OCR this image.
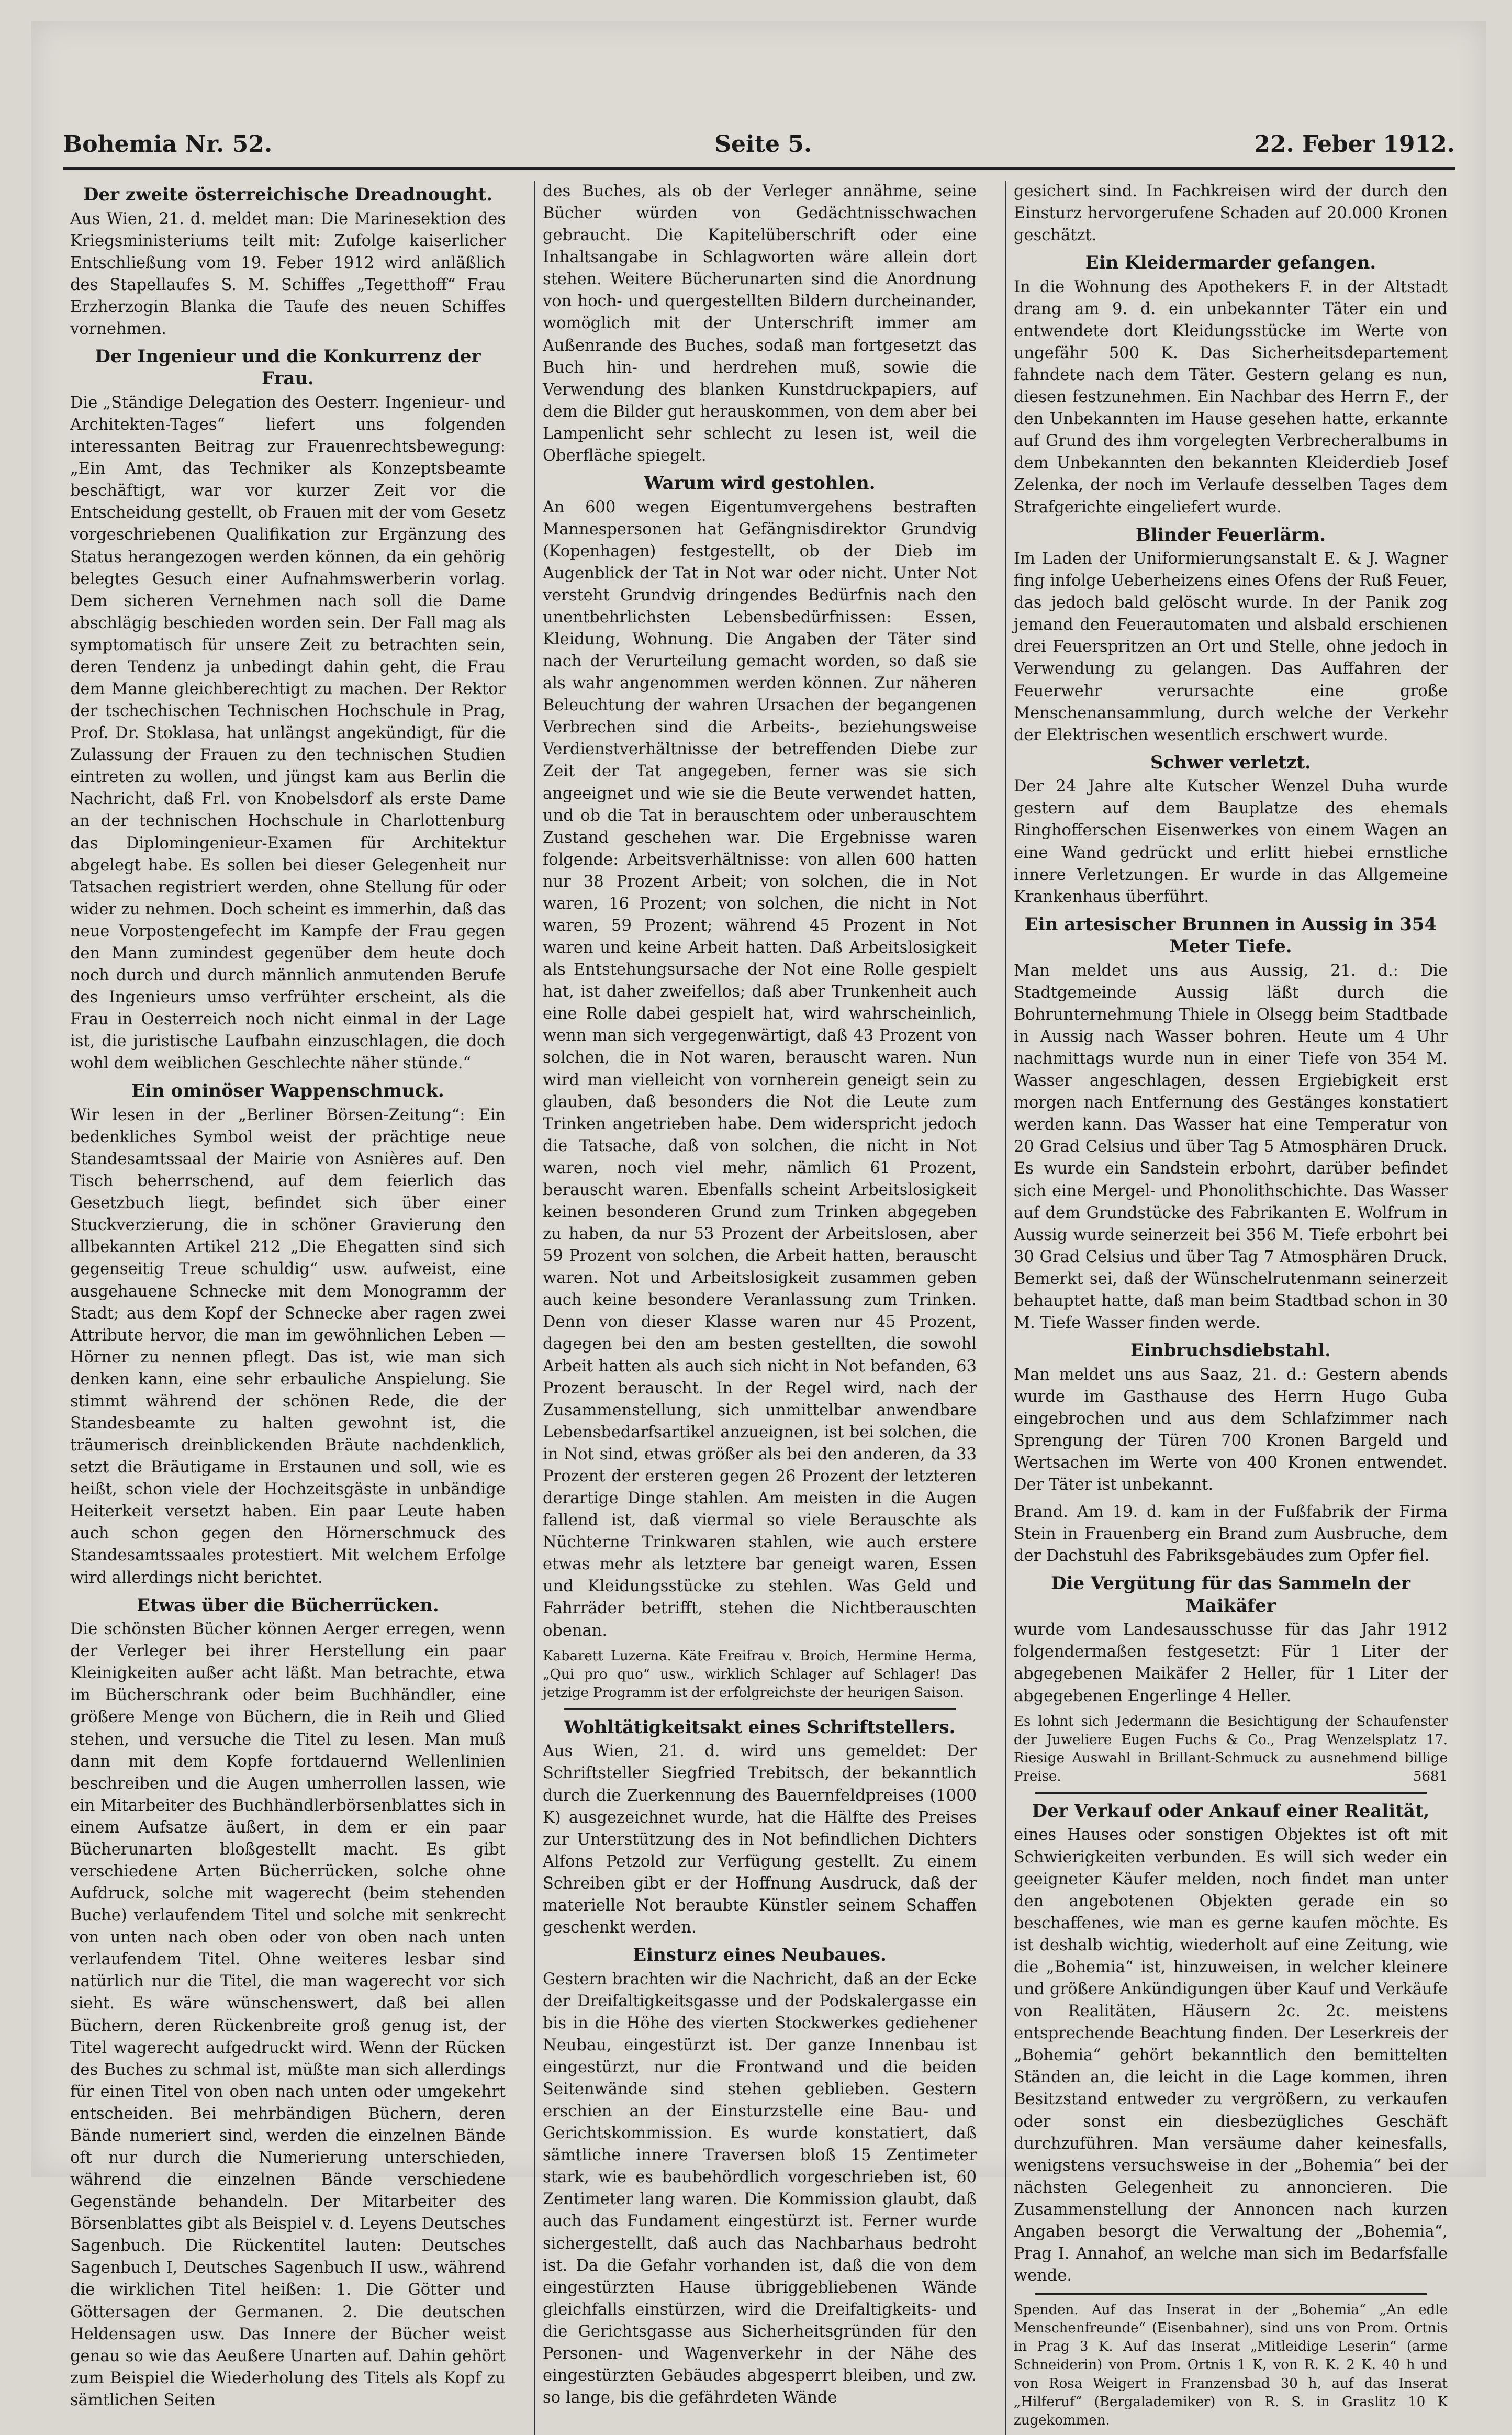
Bohemia Nr. 52.	Seite 5.	22. Feber 1912.
Der zweite österreichische Dreadnought.

Aus Wien, 21. d. meldet man: Die Marinesektion des Kriegsministeriums teilt mit: Zufolge kaiserlicher Entschließung vom 19. Feber 1912 wird anläßlich des Stapellaufes S. M. Schiffes „Tegetthoff“ Frau Erzherzogin Blanka die Taufe des neuen Schiffes vornehmen.

Der Ingenieur und die Konkurrenz der Frau.

Die „Ständige Delegation des Oesterr. Ingenieur- und Architekten-Tages“ liefert uns folgenden interessanten Beitrag zur Frauenrechtsbewegung: „Ein Amt, das Techniker als Konzeptsbeamte beschäftigt, war vor kurzer Zeit vor die Entscheidung gestellt, ob Frauen mit der vom Gesetz vorgeschriebenen Qualifikation zur Ergänzung des Status herangezogen werden können, da ein gehörig belegtes Gesuch einer Aufnahmswerberin vorlag. Dem sicheren Vernehmen nach soll die Dame abschlägig beschieden worden sein. Der Fall mag als symptomatisch für unsere Zeit zu betrachten sein, deren Tendenz ja unbedingt dahin geht, die Frau dem Manne gleichberechtigt zu machen. Der Rektor der tschechischen Technischen Hochschule in Prag, Prof. Dr. Stoklasa, hat unlängst angekündigt, für die Zulassung der Frauen zu den technischen Studien eintreten zu wollen, und jüngst kam aus Berlin die Nachricht, daß Frl. von Knobelsdorf als erste Dame an der technischen Hochschule in Charlottenburg das Diplomingenieur-Examen für Architektur abgelegt habe. Es sollen bei dieser Gelegenheit nur Tatsachen registriert werden, ohne Stellung für oder wider zu nehmen. Doch scheint es immerhin, daß das neue Vorpostengefecht im Kampfe der Frau gegen den Mann zumindest gegenüber dem heute doch noch durch und durch männlich anmutenden Berufe des Ingenieurs umso verfrühter erscheint, als die Frau in Oesterreich noch nicht einmal in der Lage ist, die juristische Laufbahn einzuschlagen, die doch wohl dem weiblichen Geschlechte näher stünde.“

Ein ominöser Wappenschmuck.

Wir lesen in der „Berliner Börsen-Zeitung“: Ein bedenkliches Symbol weist der prächtige neue Standesamtssaal der Mairie von Asnières auf. Den Tisch beherrschend, auf dem feierlich das Gesetzbuch liegt, befindet sich über einer Stuckverzierung, die in schöner Gravierung den allbekannten Artikel 212 „Die Ehegatten sind sich gegenseitig Treue schuldig“ usw. aufweist, eine ausgehauene Schnecke mit dem Monogramm der Stadt; aus dem Kopf der Schnecke aber ragen zwei Attribute hervor, die man im gewöhnlichen Leben — Hörner zu nennen pflegt. Das ist, wie man sich denken kann, eine sehr erbauliche Anspielung. Sie stimmt während der schönen Rede, die der Standesbeamte zu halten gewohnt ist, die träumerisch dreinblickenden Bräute nachdenklich, setzt die Bräutigame in Erstaunen und soll, wie es heißt, schon viele der Hochzeitsgäste in unbändige Heiterkeit versetzt haben. Ein paar Leute haben auch schon gegen den Hörnerschmuck des Standesamtssaales protestiert. Mit welchem Erfolge wird allerdings nicht berichtet.

Etwas über die Bücherrücken.

Die schönsten Bücher können Aerger erregen, wenn der Verleger bei ihrer Herstellung ein paar Kleinigkeiten außer acht läßt. Man betrachte, etwa im Bücherschrank oder beim Buchhändler, eine größere Menge von Büchern, die in Reih und Glied stehen, und versuche die Titel zu lesen. Man muß dann mit dem Kopfe fortdauernd Wellenlinien beschreiben und die Augen umherrollen lassen, wie ein Mitarbeiter des Buchhändlerbörsenblattes sich in einem Aufsatze äußert, in dem er ein paar Bücherunarten bloßgestellt macht. Es gibt verschiedene Arten Bücherrücken, solche ohne Aufdruck, solche mit wagerecht (beim stehenden Buche) verlaufendem Titel und solche mit senkrecht von unten nach oben oder von oben nach unten verlaufendem Titel. Ohne weiteres lesbar sind natürlich nur die Titel, die man wagerecht vor sich sieht. Es wäre wünschenswert, daß bei allen Büchern, deren Rückenbreite groß genug ist, der Titel wagerecht aufgedruckt wird. Wenn der Rücken des Buches zu schmal ist, müßte man sich allerdings für einen Titel von oben nach unten oder umgekehrt entscheiden. Bei mehrbändigen Büchern, deren Bände numeriert sind, werden die einzelnen Bände oft nur durch die Numerierung unterschieden, während die einzelnen Bände verschiedene Gegenstände behandeln. Der Mitarbeiter des Börsenblattes gibt als Beispiel v. d. Leyens Deutsches Sagenbuch. Die Rückentitel lauten: Deutsches Sagenbuch I, Deutsches Sagenbuch II usw., während die wirklichen Titel heißen: 1. Die Götter und Göttersagen der Germanen. 2. Die deutschen Heldensagen usw. Das Innere der Bücher weist genau so wie das Aeußere Unarten auf. Dahin gehört zum Beispiel die Wiederholung des Titels als Kopf zu sämtlichen Seiten

des Buches, als ob der Verleger annähme, seine Bücher würden von Gedächtnisschwachen gebraucht. Die Kapitelüberschrift oder eine Inhaltsangabe in Schlagworten wäre allein dort stehen. Weitere Bücherunarten sind die Anordnung von hoch- und quergestellten Bildern durcheinander, womöglich mit der Unterschrift immer am Außenrande des Buches, sodaß man fortgesetzt das Buch hin- und herdrehen muß, sowie die Verwendung des blanken Kunstdruckpapiers, auf dem die Bilder gut herauskommen, von dem aber bei Lampenlicht sehr schlecht zu lesen ist, weil die Oberfläche spiegelt.

Warum wird gestohlen.

An 600 wegen Eigentumvergehens bestraften Mannespersonen hat Gefängnisdirektor Grundvig (Kopenhagen) festgestellt, ob der Dieb im Augenblick der Tat in Not war oder nicht. Unter Not versteht Grundvig dringendes Bedürfnis nach den unentbehrlichsten Lebensbedürfnissen: Essen, Kleidung, Wohnung. Die Angaben der Täter sind nach der Verurteilung gemacht worden, so daß sie als wahr angenommen werden können. Zur näheren Beleuchtung der wahren Ursachen der begangenen Verbrechen sind die Arbeits-, beziehungsweise Verdienstverhältnisse der betreffenden Diebe zur Zeit der Tat angegeben, ferner was sie sich angeeignet und wie sie die Beute verwendet hatten, und ob die Tat in berauschtem oder unberauschtem Zustand geschehen war. Die Ergebnisse waren folgende: Arbeitsverhältnisse: von allen 600 hatten nur 38 Prozent Arbeit; von solchen, die in Not waren, 16 Prozent; von solchen, die nicht in Not waren, 59 Prozent; während 45 Prozent in Not waren und keine Arbeit hatten. Daß Arbeitslosigkeit als Entstehungsursache der Not eine Rolle gespielt hat, ist daher zweifellos; daß aber Trunkenheit auch eine Rolle dabei gespielt hat, wird wahrscheinlich, wenn man sich vergegenwärtigt, daß 43 Prozent von solchen, die in Not waren, berauscht waren. Nun wird man vielleicht von vornherein geneigt sein zu glauben, daß besonders die Not die Leute zum Trinken angetrieben habe. Dem widerspricht jedoch die Tatsache, daß von solchen, die nicht in Not waren, noch viel mehr, nämlich 61 Prozent, berauscht waren. Ebenfalls scheint Arbeitslosigkeit keinen besonderen Grund zum Trinken abgegeben zu haben, da nur 53 Prozent der Arbeitslosen, aber 59 Prozent von solchen, die Arbeit hatten, berauscht waren. Not und Arbeitslosigkeit zusammen geben auch keine besondere Veranlassung zum Trinken. Denn von dieser Klasse waren nur 45 Prozent, dagegen bei den am besten gestellten, die sowohl Arbeit hatten als auch sich nicht in Not befanden, 63 Prozent berauscht. In der Regel wird, nach der Zusammenstellung, sich unmittelbar anwendbare Lebensbedarfsartikel anzueignen, ist bei solchen, die in Not sind, etwas größer als bei den anderen, da 33 Prozent der ersteren gegen 26 Prozent der letzteren derartige Dinge stahlen. Am meisten in die Augen fallend ist, daß viermal so viele Berauschte als Nüchterne Trinkwaren stahlen, wie auch erstere etwas mehr als letztere bar geneigt waren, Essen und Kleidungsstücke zu stehlen. Was Geld und Fahrräder betrifft, stehen die Nichtberauschten obenan.

Kabarett Luzerna. Käte Freifrau v. Broich, Hermine Herma, „Qui pro quo“ usw., wirklich Schlager auf Schlager! Das jetzige Programm ist der erfolgreichste der heurigen Saison.

Wohltätigkeitsakt eines Schriftstellers.

Aus Wien, 21. d. wird uns gemeldet: Der Schriftsteller Siegfried Trebitsch, der bekanntlich durch die Zuerkennung des Bauernfeldpreises (1000 K) ausgezeichnet wurde, hat die Hälfte des Preises zur Unterstützung des in Not befindlichen Dichters Alfons Petzold zur Verfügung gestellt. Zu einem Schreiben gibt er der Hoffnung Ausdruck, daß der materielle Not beraubte Künstler seinem Schaffen geschenkt werden.

Einsturz eines Neubaues.

Gestern brachten wir die Nachricht, daß an der Ecke der Dreifaltigkeitsgasse und der Podskalergasse ein bis in die Höhe des vierten Stockwerkes gediehener Neubau, eingestürzt ist. Der ganze Innenbau ist eingestürzt, nur die Frontwand und die beiden Seitenwände sind stehen geblieben. Gestern erschien an der Einsturzstelle eine Bau- und Gerichtskommission. Es wurde konstatiert, daß sämtliche innere Traversen bloß 15 Zentimeter stark, wie es baubehördlich vorgeschrieben ist, 60 Zentimeter lang waren. Die Kommission glaubt, daß auch das Fundament eingestürzt ist. Ferner wurde sichergestellt, daß auch das Nachbarhaus bedroht ist. Da die Gefahr vorhanden ist, daß die von dem eingestürzten Hause übriggebliebenen Wände gleichfalls einstürzen, wird die Dreifaltigkeits- und die Gerichtsgasse aus Sicherheitsgründen für den Personen- und Wagenverkehr in der Nähe des eingestürzten Gebäudes abgesperrt bleiben, und zw. so lange, bis die gefährdeten Wände

gesichert sind. In Fachkreisen wird der durch den Einsturz hervorgerufene Schaden auf 20.000 Kronen geschätzt.

Ein Kleidermarder gefangen.

In die Wohnung des Apothekers F. in der Altstadt drang am 9. d. ein unbekannter Täter ein und entwendete dort Kleidungsstücke im Werte von ungefähr 500 K. Das Sicherheitsdepartement fahndete nach dem Täter. Gestern gelang es nun, diesen festzunehmen. Ein Nachbar des Herrn F., der den Unbekannten im Hause gesehen hatte, erkannte auf Grund des ihm vorgelegten Verbrecheralbums in dem Unbekannten den bekannten Kleiderdieb Josef Zelenka, der noch im Verlaufe desselben Tages dem Strafgerichte eingeliefert wurde.

Blinder Feuerlärm.

Im Laden der Uniformierungsanstalt E. & J. Wagner fing infolge Ueberheizens eines Ofens der Ruß Feuer, das jedoch bald gelöscht wurde. In der Panik zog jemand den Feuerautomaten und alsbald erschienen drei Feuerspritzen an Ort und Stelle, ohne jedoch in Verwendung zu gelangen. Das Auffahren der Feuerwehr verursachte eine große Menschenansammlung, durch welche der Verkehr der Elektrischen wesentlich erschwert wurde.

Schwer verletzt.

Der 24 Jahre alte Kutscher Wenzel Duha wurde gestern auf dem Bauplatze des ehemals Ringhofferschen Eisenwerkes von einem Wagen an eine Wand gedrückt und erlitt hiebei ernstliche innere Verletzungen. Er wurde in das Allgemeine Krankenhaus überführt.

Ein artesischer Brunnen in Aussig in 354 Meter Tiefe.

Man meldet uns aus Aussig, 21. d.: Die Stadtgemeinde Aussig läßt durch die Bohrunternehmung Thiele in Olsegg beim Stadtbade in Aussig nach Wasser bohren. Heute um 4 Uhr nachmittags wurde nun in einer Tiefe von 354 M. Wasser angeschlagen, dessen Ergiebigkeit erst morgen nach Entfernung des Gestänges konstatiert werden kann. Das Wasser hat eine Temperatur von 20 Grad Celsius und über Tag 5 Atmosphären Druck. Es wurde ein Sandstein erbohrt, darüber befindet sich eine Mergel- und Phonolithschichte. Das Wasser auf dem Grundstücke des Fabrikanten E. Wolfrum in Aussig wurde seinerzeit bei 356 M. Tiefe erbohrt bei 30 Grad Celsius und über Tag 7 Atmosphären Druck. Bemerkt sei, daß der Wünschelrutenmann seinerzeit behauptet hatte, daß man beim Stadtbad schon in 30 M. Tiefe Wasser finden werde.

Einbruchsdiebstahl.

Man meldet uns aus Saaz, 21. d.: Gestern abends wurde im Gasthause des Herrn Hugo Guba eingebrochen und aus dem Schlafzimmer nach Sprengung der Türen 700 Kronen Bargeld und Wertsachen im Werte von 400 Kronen entwendet. Der Täter ist unbekannt.

Brand. Am 19. d. kam in der Fußfabrik der Firma Stein in Frauenberg ein Brand zum Ausbruche, dem der Dachstuhl des Fabriksgebäudes zum Opfer fiel.

Die Vergütung für das Sammeln der Maikäfer

wurde vom Landesausschusse für das Jahr 1912 folgendermaßen festgesetzt: Für 1 Liter der abgegebenen Maikäfer 2 Heller, für 1 Liter der abgegebenen Engerlinge 4 Heller.

Es lohnt sich Jedermann die Besichtigung der Schaufenster der Juweliere Eugen Fuchs & Co., Prag Wenzelsplatz 17. Riesige Auswahl in Brillant-Schmuck zu ausnehmend billige Preise.	5681

Der Verkauf oder Ankauf einer Realität,

eines Hauses oder sonstigen Objektes ist oft mit Schwierigkeiten verbunden. Es will sich weder ein geeigneter Käufer melden, noch findet man unter den angebotenen Objekten gerade ein so beschaffenes, wie man es gerne kaufen möchte. Es ist deshalb wichtig, wiederholt auf eine Zeitung, wie die „Bohemia“ ist, hinzuweisen, in welcher kleinere und größere Ankündigungen über Kauf und Verkäufe von Realitäten, Häusern 2c. 2c. meistens entsprechende Beachtung finden. Der Leserkreis der „Bohemia“ gehört bekanntlich den bemittelten Ständen an, die leicht in die Lage kommen, ihren Besitzstand entweder zu vergrößern, zu verkaufen oder sonst ein diesbezügliches Geschäft durchzuführen. Man versäume daher keinesfalls, wenigstens versuchsweise in der „Bohemia“ bei der nächsten Gelegenheit zu annoncieren. Die Zusammenstellung der Annoncen nach kurzen Angaben besorgt die Verwaltung der „Bohemia“, Prag I. Annahof, an welche man sich im Bedarfsfalle wende.

Spenden. Auf das Inserat in der „Bohemia“ „An edle Menschenfreunde“ (Eisenbahner), sind uns von Prom. Ortnis in Prag 3 K. Auf das Inserat „Mitleidige Leserin“ (arme Schneiderin) von Prom. Ortnis 1 K, von R. K. 2 K. 40 h und von Rosa Weigert in Franzensbad 30 h, auf das Inserat „Hilferuf“ (Bergalademiker) von R. S. in Graslitz 10 K zugekommen.
